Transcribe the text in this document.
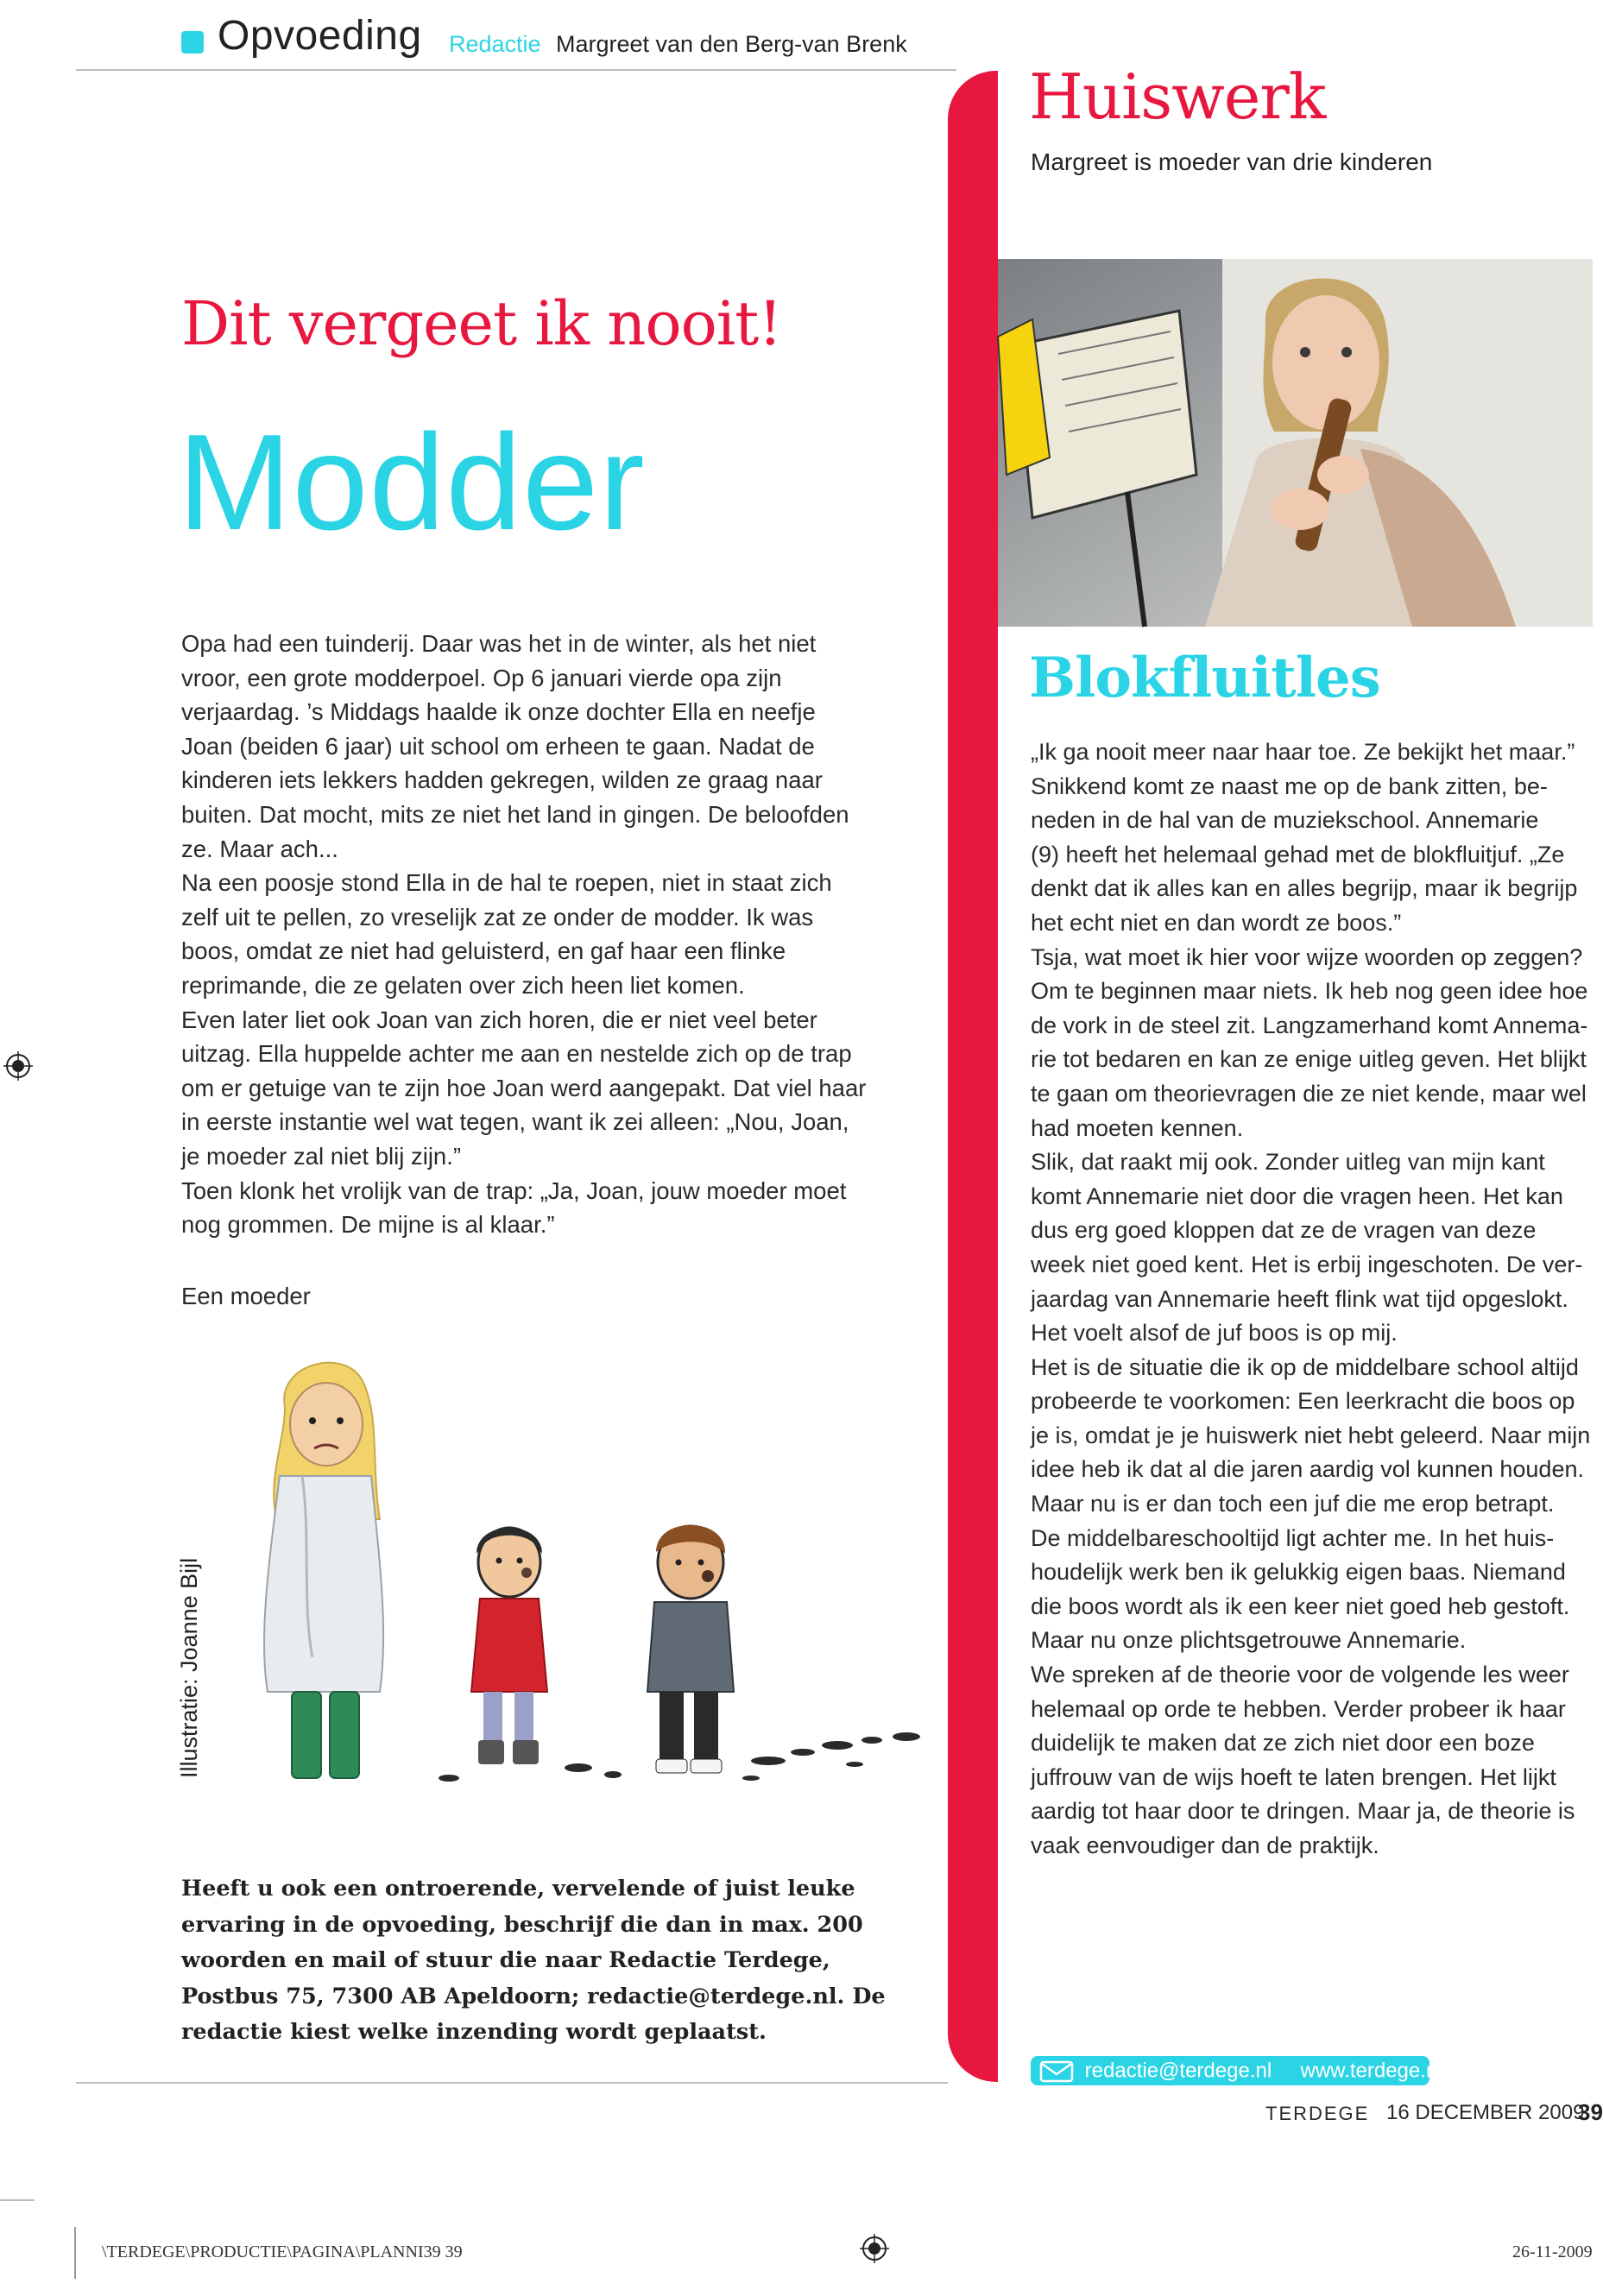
Opvoeding Redactie Margreet van den Berg-van Brenk
Dit vergeet ik nooit!
Modder

Opa had een tuinderij. Daar was het in de winter, als het niet vroor, een grote modderpoel. Op 6 januari vierde opa zijn verjaardag. ’s Middags haalde ik onze dochter Ella en neefje Joan (beiden 6 jaar) uit school om erheen te gaan. Nadat de kinderen iets lekkers hadden gekregen, wilden ze graag naar buiten. Dat mocht, mits ze niet het land in gingen. De beloofden ze. Maar ach...

Na een poosje stond Ella in de hal te roepen, niet in staat zich zelf uit te pellen, zo vreselijk zat ze onder de modder. Ik was boos, omdat ze niet had geluisterd, en gaf haar een flinke reprimande, die ze gelaten over zich heen liet komen.

Even later liet ook Joan van zich horen, die er niet veel beter uitzag. Ella huppelde achter me aan en nestelde zich op de trap om er getuige van te zijn hoe Joan werd aangepakt. Dat viel haar in eerste instantie wel wat tegen, want ik zei alleen: „Nou, Joan, je moeder zal niet blij zijn.”

Toen klonk het vrolijk van de trap: „Ja, Joan, jouw moeder moet nog grommen. De mijne is al klaar.”

Een moeder
Illustratie: Joanne Bijl
Heeft u ook een ontroerende, vervelende of juist leuke ervaring in de opvoeding, beschrijf die dan in max. 200 woorden en mail of stuur die naar Redactie Terdege, Postbus 75, 7300 AB Apeldoorn; redactie@terdege.nl. De redactie kiest welke inzending wordt geplaatst.
Huiswerk
Margreet is moeder van drie kinderen
Blokfluitles

„Ik ga nooit meer naar haar toe. Ze bekijkt het maar.”

Snikkend komt ze naast me op de bank zitten, be-

neden in de hal van de muziekschool. Annemarie

(9) heeft het helemaal gehad met de blokfluitjuf. „Ze

denkt dat ik alles kan en alles begrijp, maar ik begrijp

het echt niet en dan wordt ze boos.”

Tsja, wat moet ik hier voor wijze woorden op zeggen?

Om te beginnen maar niets. Ik heb nog geen idee hoe

de vork in de steel zit. Langzamerhand komt Annema-

rie tot bedaren en kan ze enige uitleg geven. Het blijkt

te gaan om theorievragen die ze niet kende, maar wel

had moeten kennen.

Slik, dat raakt mij ook. Zonder uitleg van mijn kant

komt Annemarie niet door die vragen heen. Het kan

dus erg goed kloppen dat ze de vragen van deze

week niet goed kent. Het is erbij ingeschoten. De ver-

jaardag van Annemarie heeft flink wat tijd opgeslokt.

Het voelt alsof de juf boos is op mij.

Het is de situatie die ik op de middelbare school altijd

probeerde te voorkomen: Een leerkracht die boos op

je is, omdat je je huiswerk niet hebt geleerd. Naar mijn

idee heb ik dat al die jaren aardig vol kunnen houden.

Maar nu is er dan toch een juf die me erop betrapt.

De middelbareschooltijd ligt achter me. In het huis-

houdelijk werk ben ik gelukkig eigen baas. Niemand

die boos wordt als ik een keer niet goed heb gestoft.

Maar nu onze plichtsgetrouwe Annemarie.

We spreken af de theorie voor de volgende les weer

helemaal op orde te hebben. Verder probeer ik haar

duidelijk te maken dat ze zich niet door een boze

juffrouw van de wijs hoeft te laten brengen. Het lijkt

aardig tot haar door te dringen. Maar ja, de theorie is

vaak eenvoudiger dan de praktijk.

redactie@terdege.nl www.terdege.nl
TERDEGE 16 DECEMBER 2009
39
\TERDEGE\PRODUCTIE\PAGINA\PLANNI39 39	26-11-2009
